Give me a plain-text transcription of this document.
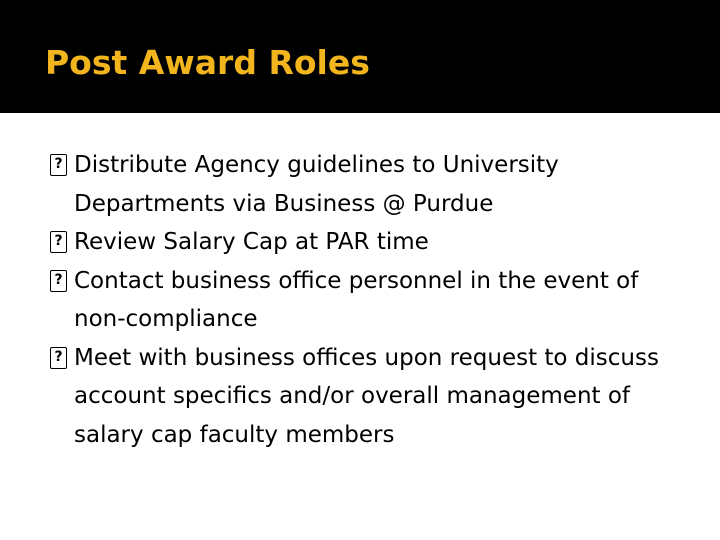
Post Award Roles
? Distribute Agency guidelines to University Departments via Business @ Purdue
? Review Salary Cap at PAR time
? Contact business office personnel in the event of non-compliance
? Meet with business offices upon request to discuss account specifics and/or overall management of salary cap faculty members
